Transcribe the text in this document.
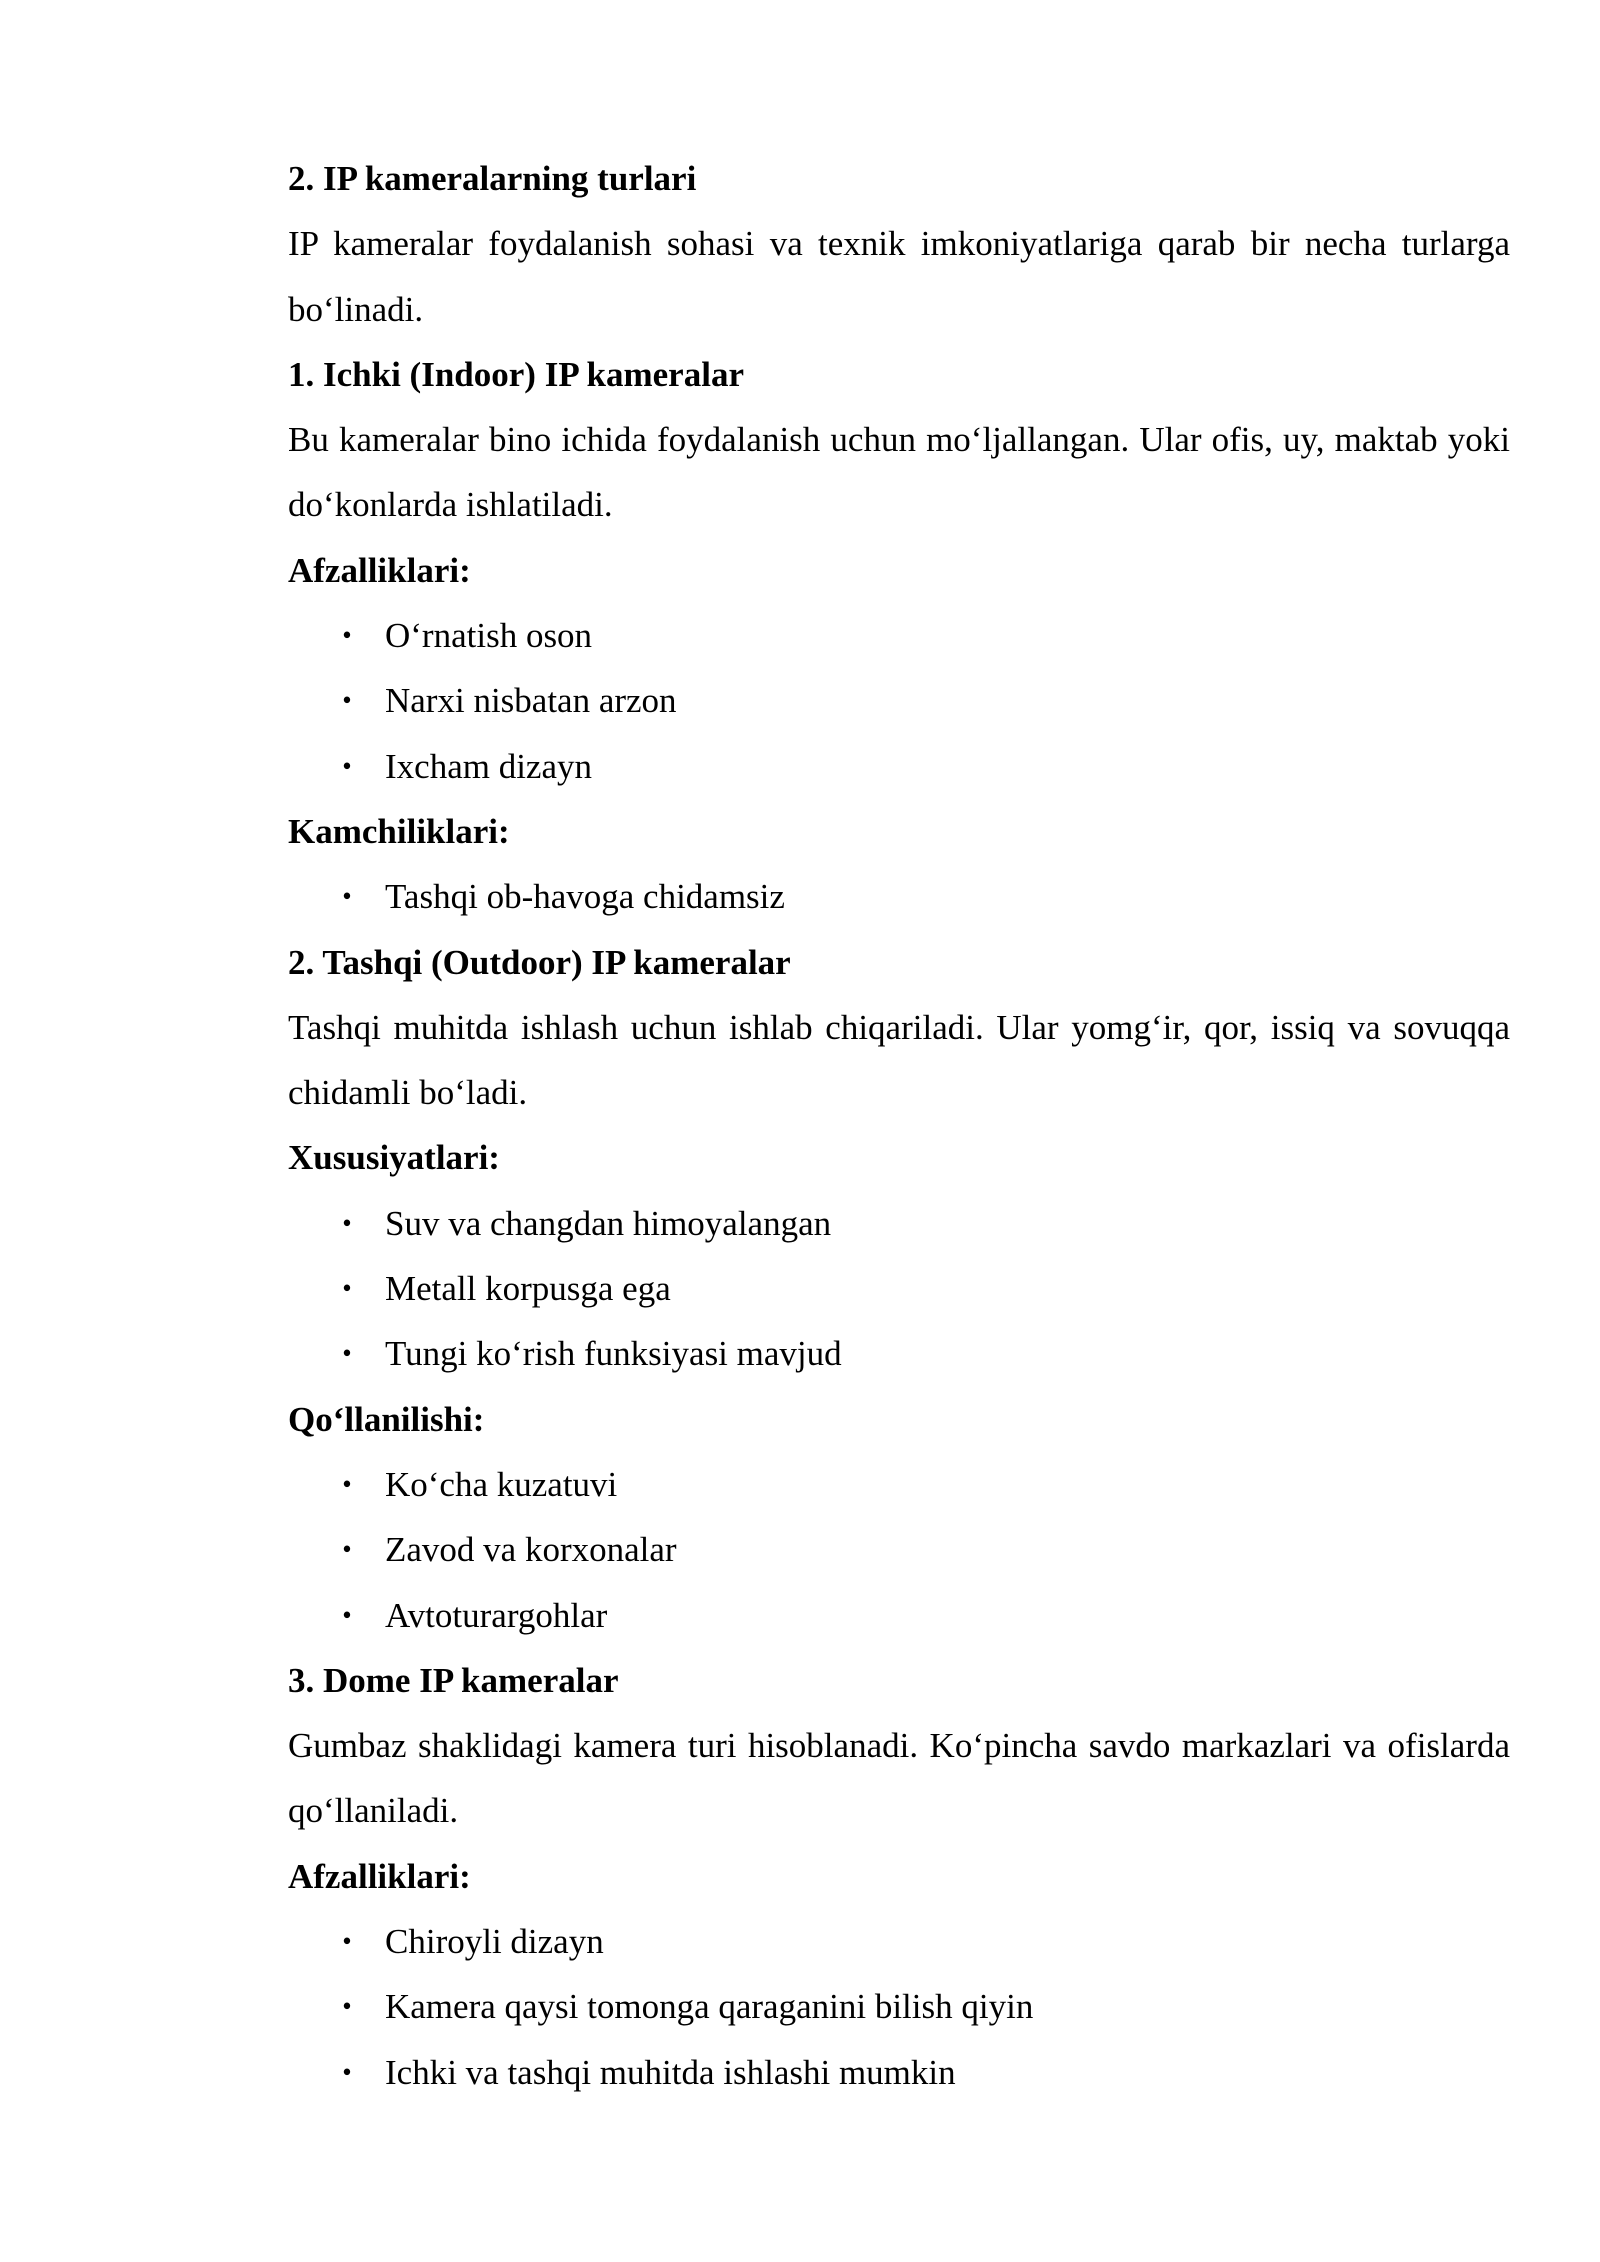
2. IP kameralarning turlari

IP kameralar foydalanish sohasi va texnik imkoniyatlariga qarab bir necha turlarga boʻlinadi.

1. Ichki (Indoor) IP kameralar

Bu kameralar bino ichida foydalanish uchun moʻljallangan. Ular ofis, uy, maktab yoki doʻkonlarda ishlatiladi.

Afzalliklari:

• Oʻrnatish oson
• Narxi nisbatan arzon
• Ixcham dizayn

Kamchiliklari:

• Tashqi ob-havoga chidamsiz

2. Tashqi (Outdoor) IP kameralar

Tashqi muhitda ishlash uchun ishlab chiqariladi. Ular yomgʻir, qor, issiq va sovuqqa chidamli boʻladi.

Xususiyatlari:

• Suv va changdan himoyalangan
• Metall korpusga ega
• Tungi koʻrish funksiyasi mavjud

Qoʻllanilishi:

• Koʻcha kuzatuvi
• Zavod va korxonalar
• Avtoturargohlar

3. Dome IP kameralar

Gumbaz shaklidagi kamera turi hisoblanadi. Koʻpincha savdo markazlari va ofislarda qoʻllaniladi.

Afzalliklari:

• Chiroyli dizayn
• Kamera qaysi tomonga qaraganini bilish qiyin
• Ichki va tashqi muhitda ishlashi mumkin
